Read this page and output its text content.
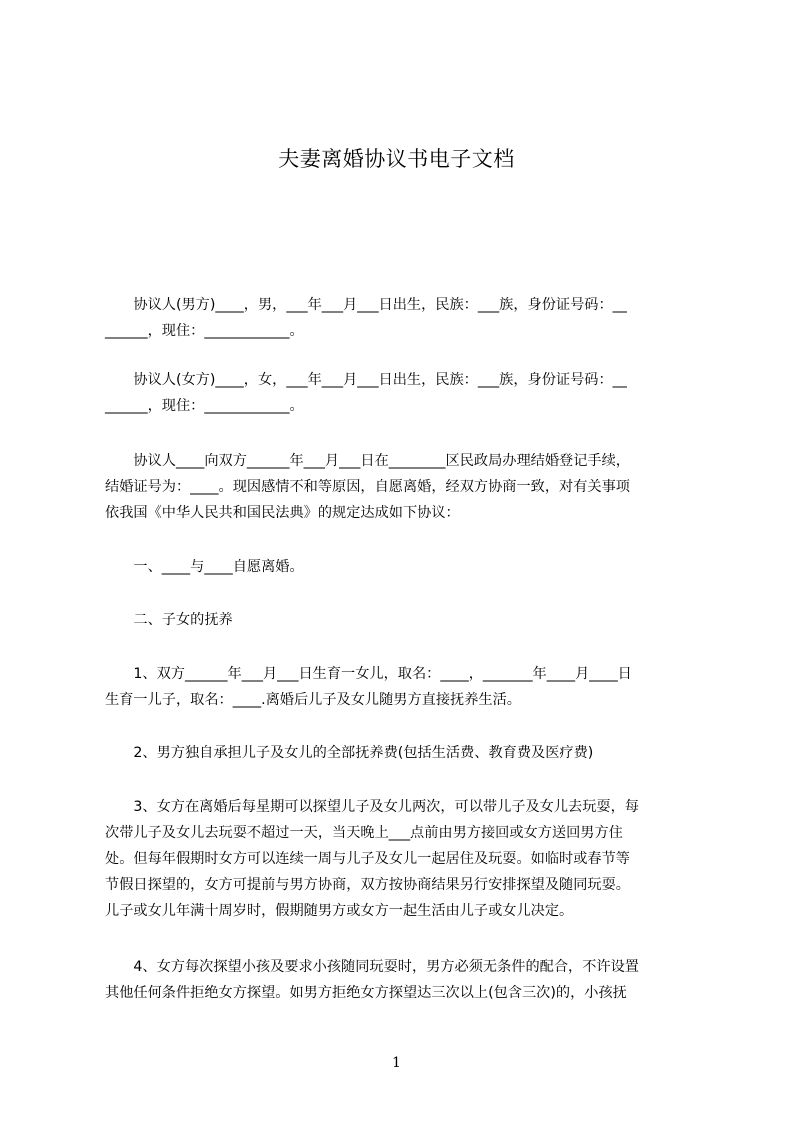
夫妻离婚协议书电子文档
　　协议人(男方)____，男，___年___月___日出生，民族：___族，身份证号码：__
______，现住：____________。
　　协议人(女方)____，女，___年___月___日出生，民族：___族，身份证号码：__
______，现住：____________。
　　协议人____向双方______年___月___日在________区民政局办理结婚登记手续，
结婚证号为：____。现因感情不和等原因，自愿离婚，经双方协商一致，对有关事项
依我国《中华人民共和国民法典》的规定达成如下协议：
　　一、____与____自愿离婚。
　　二、子女的抚养
　　1、双方______年___月___日生育一女儿，取名：____，_______年____月____日
生育一儿子，取名：____.离婚后儿子及女儿随男方直接抚养生活。
　　2、男方独自承担儿子及女儿的全部抚养费(包括生活费、教育费及医疗费)
　　3、女方在离婚后每星期可以探望儿子及女儿两次，可以带儿子及女儿去玩耍，每
次带儿子及女儿去玩耍不超过一天，当天晚上___点前由男方接回或女方送回男方住
处。但每年假期时女方可以连续一周与儿子及女儿一起居住及玩耍。如临时或春节等
节假日探望的，女方可提前与男方协商，双方按协商结果另行安排探望及随同玩耍。
儿子或女儿年满十周岁时，假期随男方或女方一起生活由儿子或女儿决定。
　　4、女方每次探望小孩及要求小孩随同玩耍时，男方必须无条件的配合，不许设置
其他任何条件拒绝女方探望。如男方拒绝女方探望达三次以上(包含三次)的，小孩抚
1
